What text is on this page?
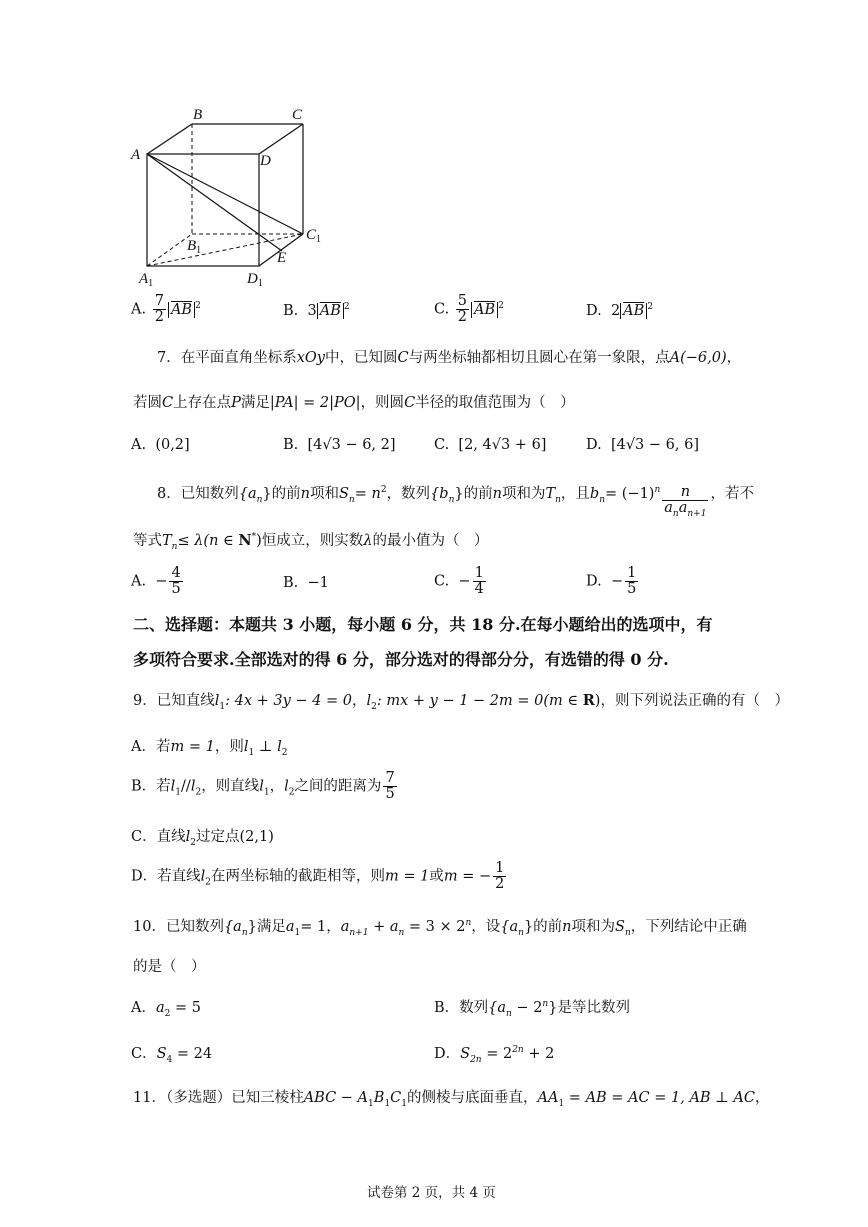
A
B	C
D
$B_1$
$C_1$
E
$A_1$	$D_1$
A. $\frac{7}{2} \overline{AB}$ $^2$	B. 3 $\overline{AB}$ $^2$	C. $\frac{5}{2} \overline{AB}$ $^2$	D. 2 $\overline{AB}$ $^2$
7．在平面直角坐标系xOy中，已知圆C与两坐标轴都相切且圆心在第一象限，点A(−6,0)，
若圆C上存在点P满足|PA| = 2|PO|，则圆C半径的取值范围为（　）
A. (0,2]	B. [4√3 − 6, 2]	C. [2, 4√3 + 6]	D. [4√3 − 6, 6]
8．已知数列$\{a_n\}$的前n项和$S_n= n^2$，数列$\{b_n\}$的前n项和为$T_n$，且$b_n= (-1)^n \frac{n}{a_na_{n+1}}$ ，若不
等式$T_n\le \lambda(n$ ∈ N*)恒成立，则实数λ的最小值为（　）
A. − $\frac{4}{5}$	B. −1	C. − $\frac{1}{4}$	D. − $\frac{1}{5}$
二、选择题：本题共 3 小题，每小题 6 分，共 18 分.在每小题给出的选项中，有
多项符合要求.全部选对的得 6 分，部分选对的得部分分，有选错的得 0 分.
9．已知直线$l_1$: 4x + 3y − 4 = 0，$l_2$: mx + y − 1 − 2m = 0(m ∈ R)，则下列说法正确的有（　）
A．若m = 1，则$l_1$ ⊥ $l_2$
B．若$l_1//l_2$，则直线$l_1$，$l_2$之间的距离为 $\frac{7}{5}$
C．直线$l_2$过定点(2,1)
D．若直线$l_2$在两坐标轴的截距相等，则m = 1或m = − $\frac{1}{2}$
10．已知数列$\{a_n\}$满足$a_1= 1$，$a_{n+1} + a_n = 3 \times 2^n$，设$\{a_n\}$的前n项和为$S_n$，下列结论中正确
的是（　）
A．$a_2 = 5$	B．数列$\{a_n - 2^n\}$是等比数列
C．$S_4 = 24$	D．$S_{2n} = 2^{2n} + 2$
11．（多选题）已知三棱柱ABC − $A_1B_1C_1$的侧棱与底面垂直，$AA_1$ = AB = AC = 1, AB ⊥ AC，
试卷第 2 页，共 4 页
